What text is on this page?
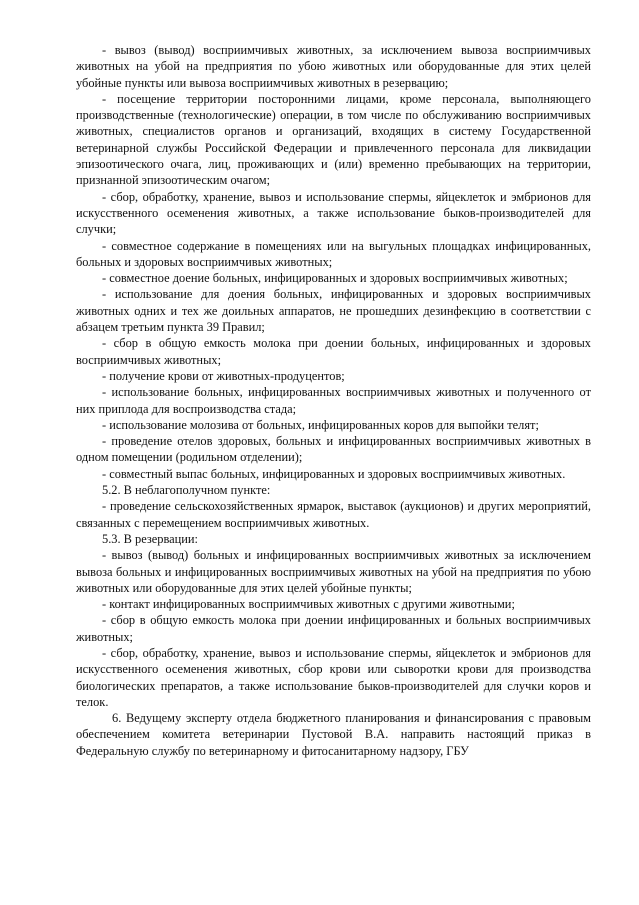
- вывоз (вывод) восприимчивых животных, за исключением вывоза восприимчивых животных на убой на предприятия по убою животных или оборудованные для этих целей убойные пункты или вывоза восприимчивых животных в резервацию;

- посещение территории посторонними лицами, кроме персонала, выполняющего производственные (технологические) операции, в том числе по обслуживанию восприимчивых животных, специалистов органов и организаций, входящих в систему Государственной ветеринарной службы Российской Федерации и привлеченного персонала для ликвидации эпизоотического очага, лиц, проживающих и (или) временно пребывающих на территории, признанной эпизоотическим очагом;

- сбор, обработку, хранение, вывоз и использование спермы, яйцеклеток и эмбрионов для искусственного осеменения животных, а также использование быков-производителей для случки;

- совместное содержание в помещениях или на выгульных площадках инфицированных, больных и здоровых восприимчивых животных;

- совместное доение больных, инфицированных и здоровых восприимчивых животных;

- использование для доения больных, инфицированных и здоровых восприимчивых животных одних и тех же доильных аппаратов, не прошедших дезинфекцию в соответствии с абзацем третьим пункта 39 Правил;

- сбор в общую емкость молока при доении больных, инфицированных и здоровых восприимчивых животных;

- получение крови от животных-продуцентов;

- использование больных, инфицированных восприимчивых животных и полученного от них приплода для воспроизводства стада;

- использование молозива от больных, инфицированных коров для выпойки телят;

- проведение отелов здоровых, больных и инфицированных восприимчивых животных в одном помещении (родильном отделении);

- совместный выпас больных, инфицированных и здоровых восприимчивых животных.

5.2. В неблагополучном пункте:

- проведение сельскохозяйственных ярмарок, выставок (аукционов) и других мероприятий, связанных с перемещением восприимчивых животных.

5.3. В резервации:

- вывоз (вывод) больных и инфицированных восприимчивых животных за исключением вывоза больных и инфицированных восприимчивых животных на убой на предприятия по убою животных или оборудованные для этих целей убойные пункты;

- контакт инфицированных восприимчивых животных с другими животными;

- сбор в общую емкость молока при доении инфицированных и больных восприимчивых животных;

- сбор, обработку, хранение, вывоз и использование спермы, яйцеклеток и эмбрионов для искусственного осеменения животных, сбор крови или сыворотки крови для производства биологических препаратов, а также использование быков-производителей для случки коров и телок.

6. Ведущему эксперту отдела бюджетного планирования и финансирования с правовым обеспечением комитета ветеринарии Пустовой В.А. направить настоящий приказ в Федеральную службу по ветеринарному и фитосанитарному надзору, ГБУ
